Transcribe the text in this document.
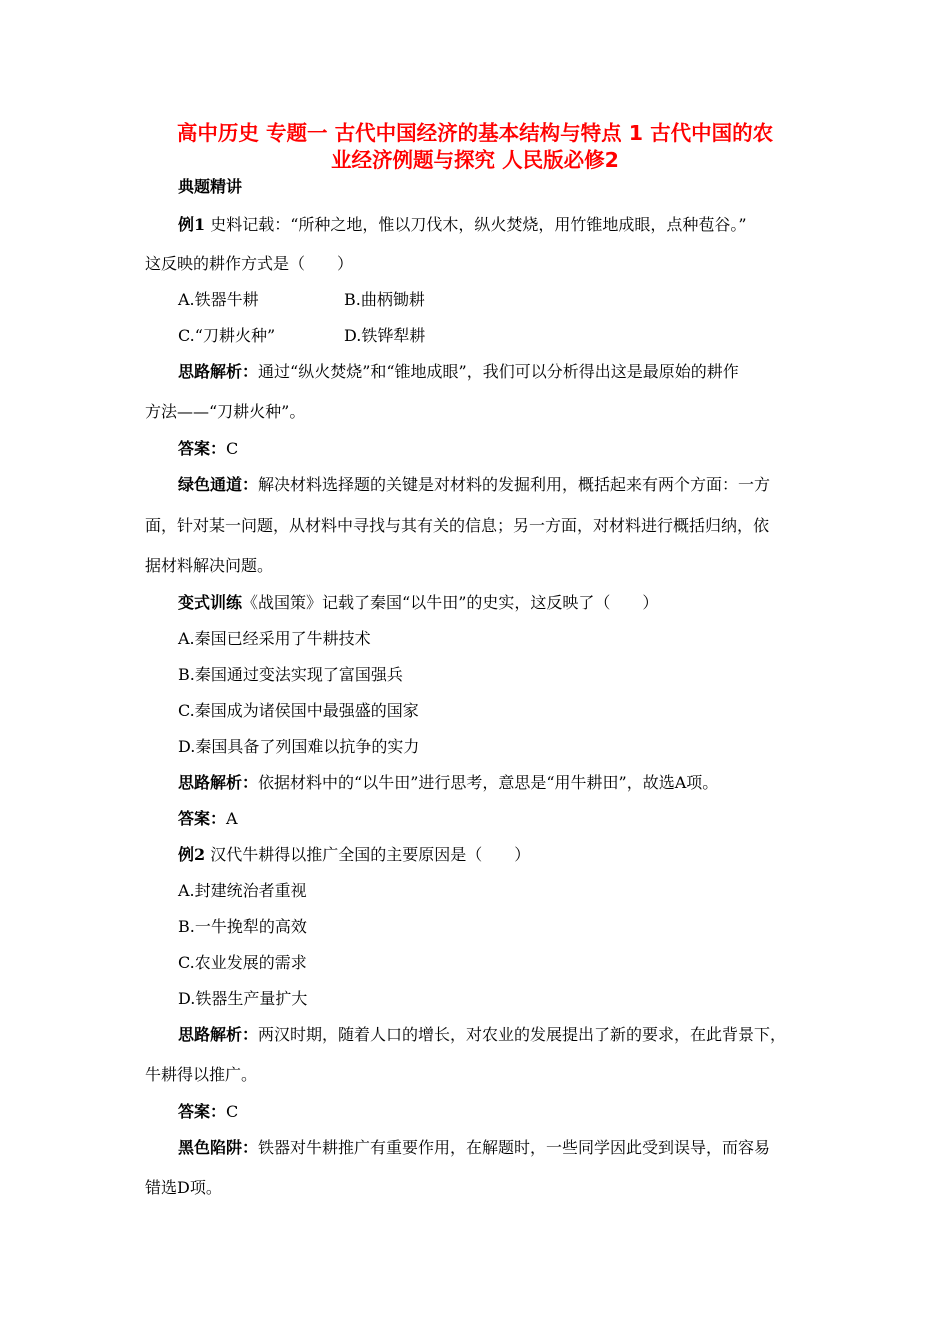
高中历史 专题一 古代中国经济的基本结构与特点 1 古代中国的农
业经济例题与探究 人民版必修2
典题精讲
例1 史料记载：“所种之地，惟以刀伐木，纵火焚烧，用竹锥地成眼，点种苞谷。”
这反映的耕作方式是（　　）
A.铁器牛耕	B.曲柄锄耕
C.“刀耕火种”	D.铁铧犁耕
思路解析：通过“纵火焚烧”和“锥地成眼”，我们可以分析得出这是最原始的耕作
方法——“刀耕火种”。
答案：C
绿色通道：解决材料选择题的关键是对材料的发掘利用，概括起来有两个方面：一方
面，针对某一问题，从材料中寻找与其有关的信息；另一方面，对材料进行概括归纳，依
据材料解决问题。
变式训练《战国策》记载了秦国“以牛田”的史实，这反映了（　　）
A.秦国已经采用了牛耕技术
B.秦国通过变法实现了富国强兵
C.秦国成为诸侯国中最强盛的国家
D.秦国具备了列国难以抗争的实力
思路解析：依据材料中的“以牛田”进行思考，意思是“用牛耕田”，故选A项。
答案：A
例2 汉代牛耕得以推广全国的主要原因是（　　）
A.封建统治者重视
B.一牛挽犁的高效
C.农业发展的需求
D.铁器生产量扩大
思路解析：两汉时期，随着人口的增长，对农业的发展提出了新的要求，在此背景下，
牛耕得以推广。
答案：C
黑色陷阱：铁器对牛耕推广有重要作用，在解题时，一些同学因此受到误导，而容易
错选D项。
